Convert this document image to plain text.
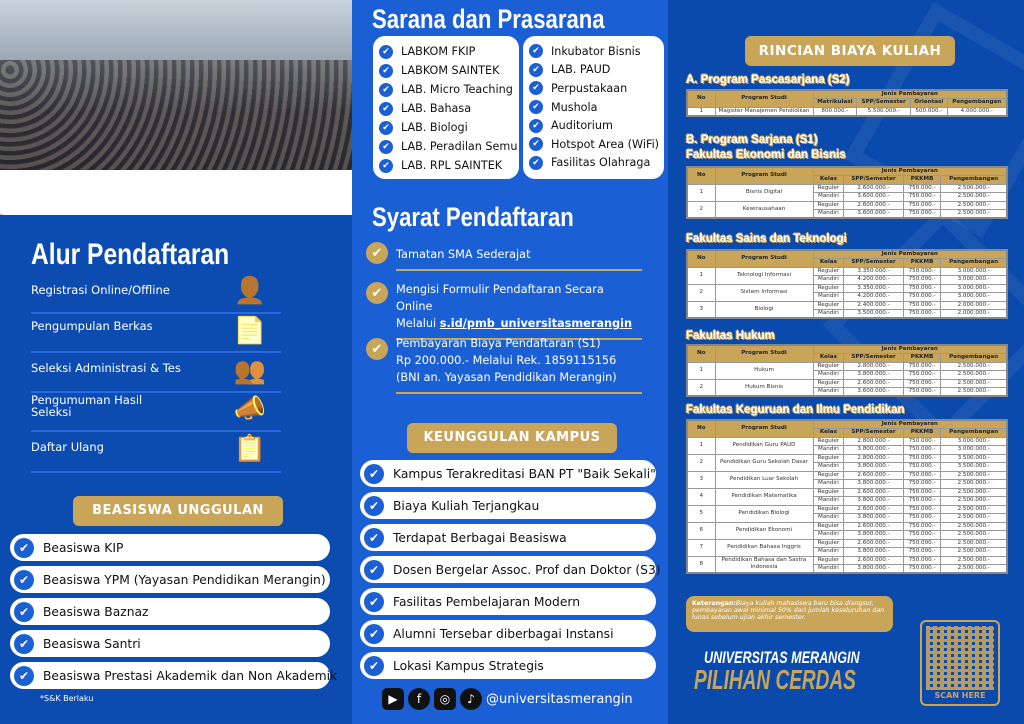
Alur Pendaftaran
Registrasi Online/Offline	👤
Pengumpulan Berkas	📄
Seleksi Administrasi & Tes	👥
Pengumuman Hasil Seleksi	📣
Daftar Ulang	📋
BEASISWA UNGGULAN
✔	Beasiswa KIP
✔	Beasiswa YPM (Yayasan Pendidikan Merangin)
✔	Beasiswa Baznaz
✔	Beasiswa Santri
✔	Beasiswa Prestasi Akademik dan Non Akademik
*S&K Berlaku
Sarana dan Prasarana
✔ LABKOM FKIP
✔ LABKOM SAINTEK
✔ LAB. Micro Teaching
✔ LAB. Bahasa
✔ LAB. Biologi
✔ LAB. Peradilan Semu
✔ LAB. RPL SAINTEK
✔ Inkubator Bisnis
✔ LAB. PAUD
✔ Perpustakaan
✔ Mushola
✔ Auditorium
✔ Hotspot Area (WiFi)
✔ Fasilitas Olahraga
Syarat Pendaftaran
✔	Tamatan SMA Sederajat
✔	Mengisi Formulir Pendaftaran Secara Online
Melalui s.id/pmb_universitasmerangin
✔	Pembayaran Biaya Pendaftaran (S1)
Rp 200.000.- Melalui Rek. 1859115156
(BNI an. Yayasan Pendidikan Merangin)
KEUNGGULAN KAMPUS
✔	Kampus Terakreditasi BAN PT "Baik Sekali"
✔	Biaya Kuliah Terjangkau
✔	Terdapat Berbagai Beasiswa
✔	Dosen Bergelar Assoc. Prof dan Doktor (S3)
✔	Fasilitas Pembelajaran Modern
✔	Alumni Tersebar diberbagai Instansi
✔	Lokasi Kampus Strategis
▶	f	◎	♪ @universitasmerangin
RINCIAN BIAYA KULIAH
A. Program Pascasarjana (S2)
No	Program Studi	Jenis Pembayaran			
		Matrikulasi	SPP/Semester	Orientasi	Pengembangan
1	Magister Manajemen Pendidikan	800.000.-	5.500.000.-	500.000.-	4.000.000.-
B. Program Sarjana (S1)
Keterangan:Biaya kuliah mahasiswa baru bisa diangsur, pembayaran awal minimal 50% dari jumlah keseluruhan dan lunas sebelum ujian akhir semester.
UNIVERSITAS MERANGIN
PILIHAN CERDAS
SCAN HERE
Fakultas Ekonomi dan Bisnis
No	Program Studi	Jenis Pembayaran			
		Kelas	SPP/Semester	PKKMB	Pengembangan
1	Bisnis Digital	Reguler	2.600.000.-	750.000.-	2.500.000.-
		Mandiri	3.600.000.-	750.000.-	2.500.000.-
2	Kewirausahaan	Reguler	2.600.000.-	750.000.-	2.500.000.-
		Mandiri	3.600.000.-	750.000.-	2.500.000.-
Fakultas Sains dan Teknologi
No	Program Studi	Jenis Pembayaran			
		Kelas	SPP/Semester	PKKMB	Pengembangan
1	Teknologi Informasi	Reguler	3.350.000.-	750.000.-	3.000.000.-
		Mandiri	4.200.000.-	750.000.-	3.000.000.-
2	Sistem Informasi	Reguler	3.350.000.-	750.000.-	3.000.000.-
		Mandiri	4.200.000.-	750.000.-	3.000.000.-
3	Biologi	Reguler	2.400.000.-	750.000.-	2.000.000.-
		Mandiri	3.500.000.-	750.000.-	2.000.000.-
Fakultas Hukum
No	Program Studi	Jenis Pembayaran			
		Kelas	SPP/Semester	PKKMB	Pengembangan
1	Hukum	Reguler	2.800.000.-	750.000.-	2.500.000.-
		Mandiri	3.800.000.-	750.000.-	2.500.000.-
2	Hukum Bisnis	Reguler	2.600.000.-	750.000.-	2.500.000.-
		Mandiri	3.600.000.-	750.000.-	2.500.000.-
Fakultas Keguruan dan Ilmu Pendidikan
No	Program Studi	Jenis Pembayaran			
		Kelas	SPP/Semester	PKKMB	Pengembangan
1	Pendidikan Guru PAUD	Reguler	2.800.000.-	750.000.-	3.000.000.-
		Mandiri	3.800.000.-	750.000.-	3.000.000.-
2	Pendidikan Guru Sekolah Dasar	Reguler	2.800.000.-	750.000.-	3.500.000.-
		Mandiri	3.800.000.-	750.000.-	3.500.000.-
3	Pendidikan Luar Sekolah	Reguler	2.600.000.-	750.000.-	2.500.000.-
		Mandiri	3.800.000.-	750.000.-	2.500.000.-
4	Pendidikan Matematika	Reguler	2.600.000.-	750.000.-	2.500.000.-
		Mandiri	3.800.000.-	750.000.-	2.500.000.-
5	Pendidikan Biologi	Reguler	2.600.000.-	750.000.-	2.500.000.-
		Mandiri	3.800.000.-	750.000.-	2.500.000.-
6	Pendidikan Ekonomi	Reguler	2.600.000.-	750.000.-	2.500.000.-
		Mandiri	3.800.000.-	750.000.-	2.500.000.-
7	Pendidikan Bahasa Inggris	Reguler	2.600.000.-	750.000.-	2.500.000.-
		Mandiri	3.800.000.-	750.000.-	2.500.000.-
8	Pendidikan Bahasa dan Sastra Indonesia	Reguler	2.600.000.-	750.000.-	2.500.000.-
		Mandiri	3.800.000.-	750.000.-	2.500.000.-
